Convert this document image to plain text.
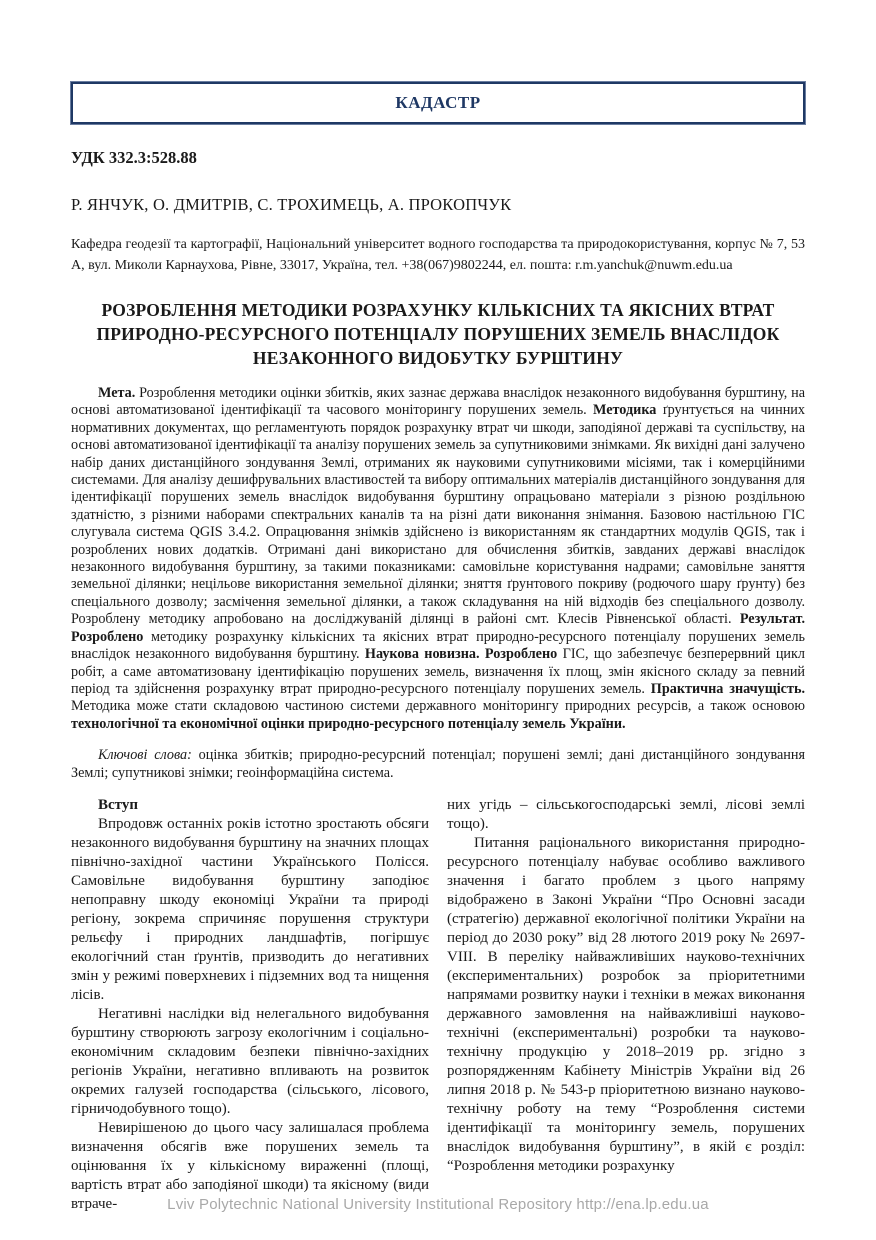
КАДАСТР
УДК 332.3:528.88
Р. ЯНЧУК, О. ДМИТРІВ, С. ТРОХИМЕЦЬ, А. ПРОКОПЧУК
Кафедра геодезії та картографії, Національний університет водного господарства та природокористування, корпус № 7, 53 А, вул. Миколи Карнаухова, Рівне, 33017, Україна, тел. +38(067)9802244, ел. пошта: r.m.yanchuk@nuwm.edu.ua
РОЗРОБЛЕННЯ МЕТОДИКИ РОЗРАХУНКУ КІЛЬКІСНИХ ТА ЯКІСНИХ ВТРАТ ПРИРОДНО-РЕСУРСНОГО ПОТЕНЦІАЛУ ПОРУШЕНИХ ЗЕМЕЛЬ ВНАСЛІДОК НЕЗАКОННОГО ВИДОБУТКУ БУРШТИНУ

Мета. Розроблення методики оцінки збитків, яких зазнає держава внаслідок незаконного видобування бурштину, на основі автоматизованої ідентифікації та часового моніторингу порушених земель. Методика ґрунтується на чинних нормативних документах, що регламентують порядок розрахунку втрат чи шкоди, заподіяної державі та суспільству, на основі автоматизованої ідентифікації та аналізу порушених земель за супутниковими знімками. Як вихідні дані залучено набір даних дистанційного зондування Землі, отриманих як науковими супутниковими місіями, так і комерційними системами. Для аналізу дешифрувальних властивостей та вибору оптимальних матеріалів дистанційного зондування для ідентифікації порушених земель внаслідок видобування бурштину опрацьовано матеріали з різною роздільною здатністю, з різними наборами спектральних каналів та на різні дати виконання знімання. Базовою настільною ГІС слугувала система QGIS 3.4.2. Опрацювання знімків здійснено із використанням як стандартних модулів QGIS, так і розроблених нових додатків. Отримані дані використано для обчислення збитків, завданих державі внаслідок незаконного видобування бурштину, за такими показниками: самовільне користування надрами; самовільне заняття земельної ділянки; нецільове використання земельної ділянки; зняття ґрунтового покриву (родючого шару ґрунту) без спеціального дозволу; засмічення земельної ділянки, а також складування на ній відходів без спеціального дозволу. Розроблену методику апробовано на досліджуваній ділянці в районі смт. Клесів Рівненської області. Результат. Розроблено методику розрахунку кількісних та якісних втрат природно-ресурсного потенціалу порушених земель внаслідок незаконного видобування бурштину. Наукова новизна. Розроблено ГІС, що забезпечує безперервний цикл робіт, а саме автоматизовану ідентифікацію порушених земель, визначення їх площ, змін якісного складу за певний період та здійснення розрахунку втрат природно-ресурсного потенціалу порушених земель. Практична значущість. Методика може стати складовою частиною системи державного моніторингу природних ресурсів, а також основою технологічної та економічної оцінки природно-ресурсного потенціалу земель України.

Ключові слова: оцінка збитків; природно-ресурсний потенціал; порушені землі; дані дистанційного зондування Землі; супутникові знімки; геоінформаційна система.

Вступ

Впродовж останніх років істотно зростають обсяги незаконного видобування бурштину на значних площах північно-західної частини Українського Полісся. Самовільне видобування бурштину заподіює непоправну шкоду економіці України та природі регіону, зокрема спричиняє порушення структури рельєфу і природних ландшафтів, погіршує екологічний стан ґрунтів, призводить до негативних змін у режимі поверхневих і підземних вод та нищення лісів.

Негативні наслідки від нелегального видобування бурштину створюють загрозу екологічним і соціально-економічним складовим безпеки північно-західних регіонів України, негативно впливають на розвиток окремих галузей господарства (сільського, лісового, гірничодобувного тощо).

Невирішеною до цього часу залишалася проблема визначення обсягів вже порушених земель та оцінювання їх у кількісному вираженні (площі, вартість втрат або заподіяної шкоди) та якісному (види втраче-

них угідь – сільськогосподарські землі, лісові землі тощо).

Питання раціонального використання природно-ресурсного потенціалу набуває особливо важливого значення і багато проблем з цього напряму відображено в Законі України “Про Основні засади (стратегію) державної екологічної політики України на період до 2030 року” від 28 лютого 2019 року № 2697-VIII. В переліку найважливіших науково-технічних (експериментальних) розробок за пріоритетними напрямами розвитку науки і техніки в межах виконання державного замовлення на найважливіші науково-технічні (експериментальні) розробки та науково- технічну продукцію у 2018–2019 рр. згідно з розпорядженням Кабінету Міністрів України від 26 липня 2018 р. № 543-р пріоритетною визнано науково-технічну роботу на тему “Розроблення системи ідентифікації та моніторингу земель, порушених внаслідок видобування бурштину”, в якій є розділ: “Розроблення методики розрахунку

Lviv Polytechnic National University Institutional Repository http://ena.lp.edu.ua
